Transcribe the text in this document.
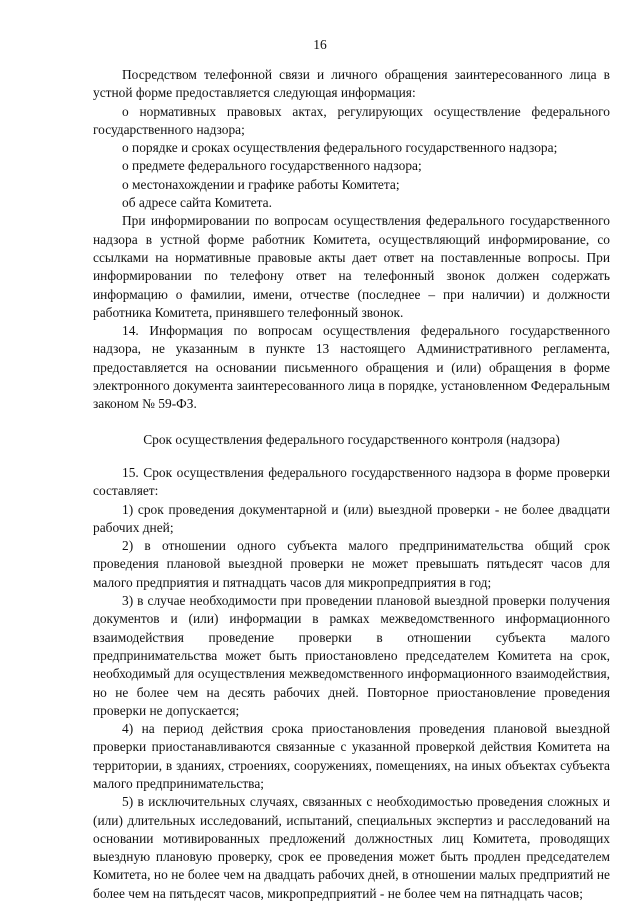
16

Посредством телефонной связи и личного обращения заинтересованного лица в устной форме предоставляется следующая информация:

о нормативных правовых актах, регулирующих осуществление федерального государственного надзора;

о порядке и сроках осуществления федерального государственного надзора;

о предмете федерального государственного надзора;

о местонахождении и графике работы Комитета;

об адресе сайта Комитета.

При информировании по вопросам осуществления федерального государственного надзора в устной форме работник Комитета, осуществляющий информирование, со ссылками на нормативные правовые акты дает ответ на поставленные вопросы. При информировании по телефону ответ на телефонный звонок должен содержать информацию о фамилии, имени, отчестве (последнее – при наличии) и должности работника Комитета, принявшего телефонный звонок.

14. Информация по вопросам осуществления федерального государственного надзора, не указанным в пункте 13 настоящего Административного регламента, предоставляется на основании письменного обращения и (или) обращения в форме электронного документа заинтересованного лица в порядке, установленном Федеральным законом № 59-ФЗ.

Срок осуществления федерального государственного контроля (надзора)

15. Срок осуществления федерального государственного надзора в форме проверки составляет:

1) срок проведения документарной и (или) выездной проверки - не более двадцати рабочих дней;

2) в отношении одного субъекта малого предпринимательства общий срок проведения плановой выездной проверки не может превышать пятьдесят часов для малого предприятия и пятнадцать часов для микропредприятия в год;

3) в случае необходимости при проведении плановой выездной проверки получения документов и (или) информации в рамках межведомственного информационного взаимодействия проведение проверки в отношении субъекта малого предпринимательства может быть приостановлено председателем Комитета на срок, необходимый для осуществления межведомственного информационного взаимодействия, но не более чем на десять рабочих дней. Повторное приостановление проведения проверки не допускается;

4) на период действия срока приостановления проведения плановой выездной проверки приостанавливаются связанные с указанной проверкой действия Комитета на территории, в зданиях, строениях, сооружениях, помещениях, на иных объектах субъекта малого предпринимательства;

5) в исключительных случаях, связанных с необходимостью проведения сложных и (или) длительных исследований, испытаний, специальных экспертиз и расследований на основании мотивированных предложений должностных лиц Комитета, проводящих выездную плановую проверку, срок ее проведения может быть продлен председателем Комитета, но не более чем на двадцать рабочих дней, в отношении малых предприятий не более чем на пятьдесят часов, микропредприятий - не более чем на пятнадцать часов;
